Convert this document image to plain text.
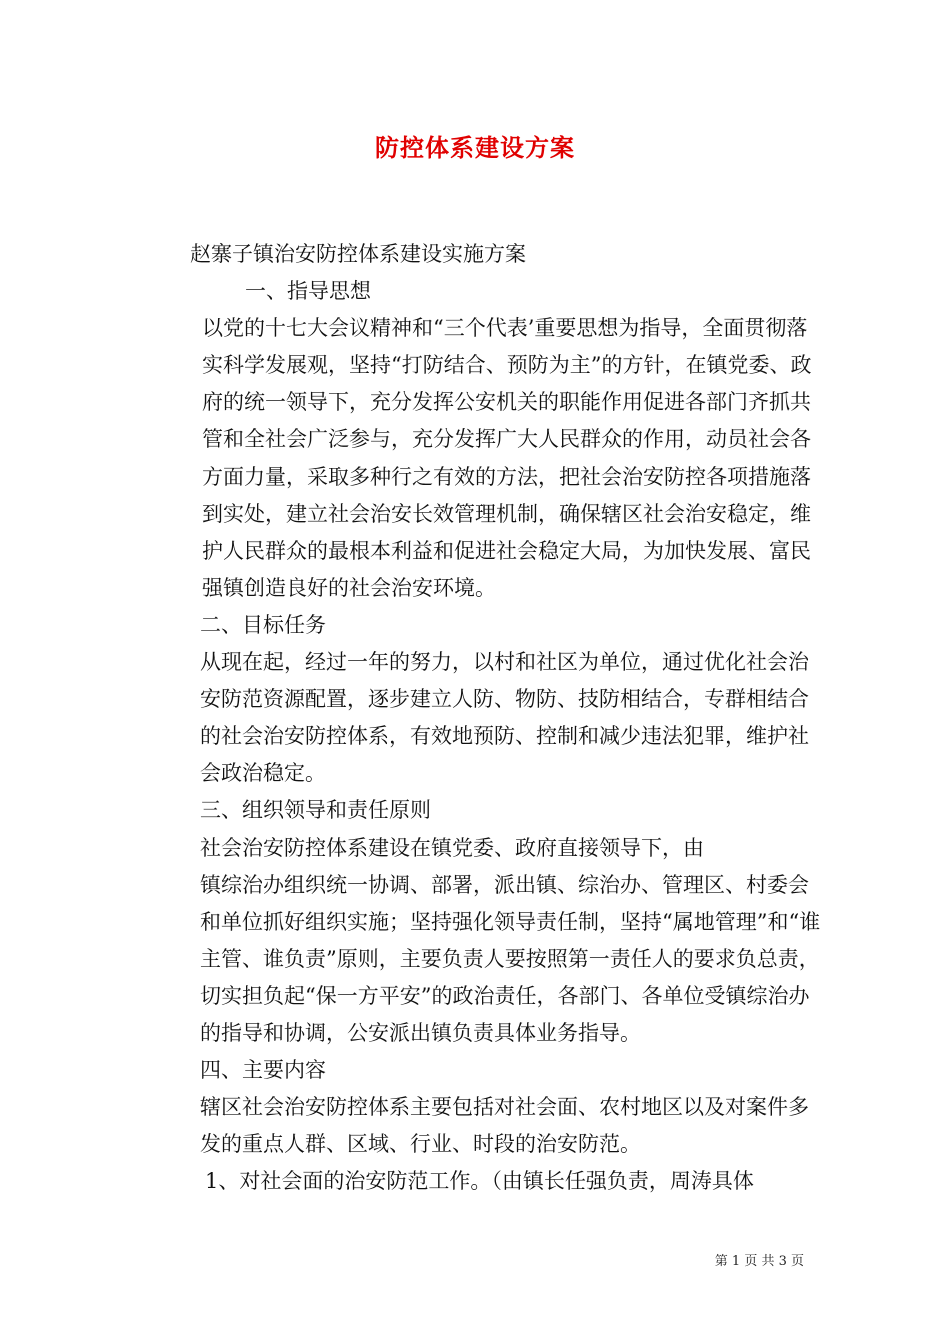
防控体系建设方案

赵寨子镇治安防控体系建设实施方案

一、指导思想

以党的十七大会议精神和“三个代表’重要思想为指导，全面贯彻落实科学发展观，坚持“打防结合、预防为主”的方针，在镇党委、政府的统一领导下，充分发挥公安机关的职能作用促进各部门齐抓共管和全社会广泛参与，充分发挥广大人民群众的作用，动员社会各方面力量，采取多种行之有效的方法，把社会治安防控各项措施落到实处，建立社会治安长效管理机制，确保辖区社会治安稳定，维护人民群众的最根本利益和促进社会稳定大局，为加快发展、富民强镇创造良好的社会治安环境。

二、目标任务

从现在起，经过一年的努力，以村和社区为单位，通过优化社会治安防范资源配置，逐步建立人防、物防、技防相结合，专群相结合的社会治安防控体系，有效地预防、控制和减少违法犯罪，维护社会政治稳定。

三、组织领导和责任原则

社会治安防控体系建设在镇党委、政府直接领导下，由

镇综治办组织统一协调、部署，派出镇、综治办、管理区、村委会和单位抓好组织实施；坚持强化领导责任制，坚持“属地管理”和“谁主管、谁负责”原则，主要负责人要按照第一责任人的要求负总责，切实担负起“保一方平安”的政治责任，各部门、各单位受镇综治办的指导和协调，公安派出镇负责具体业务指导。

四、主要内容

辖区社会治安防控体系主要包括对社会面、农村地区以及对案件多发的重点人群、区域、行业、时段的治安防范。

1、对社会面的治安防范工作。（由镇长任强负责，周涛具体

第 1 页 共 3 页
